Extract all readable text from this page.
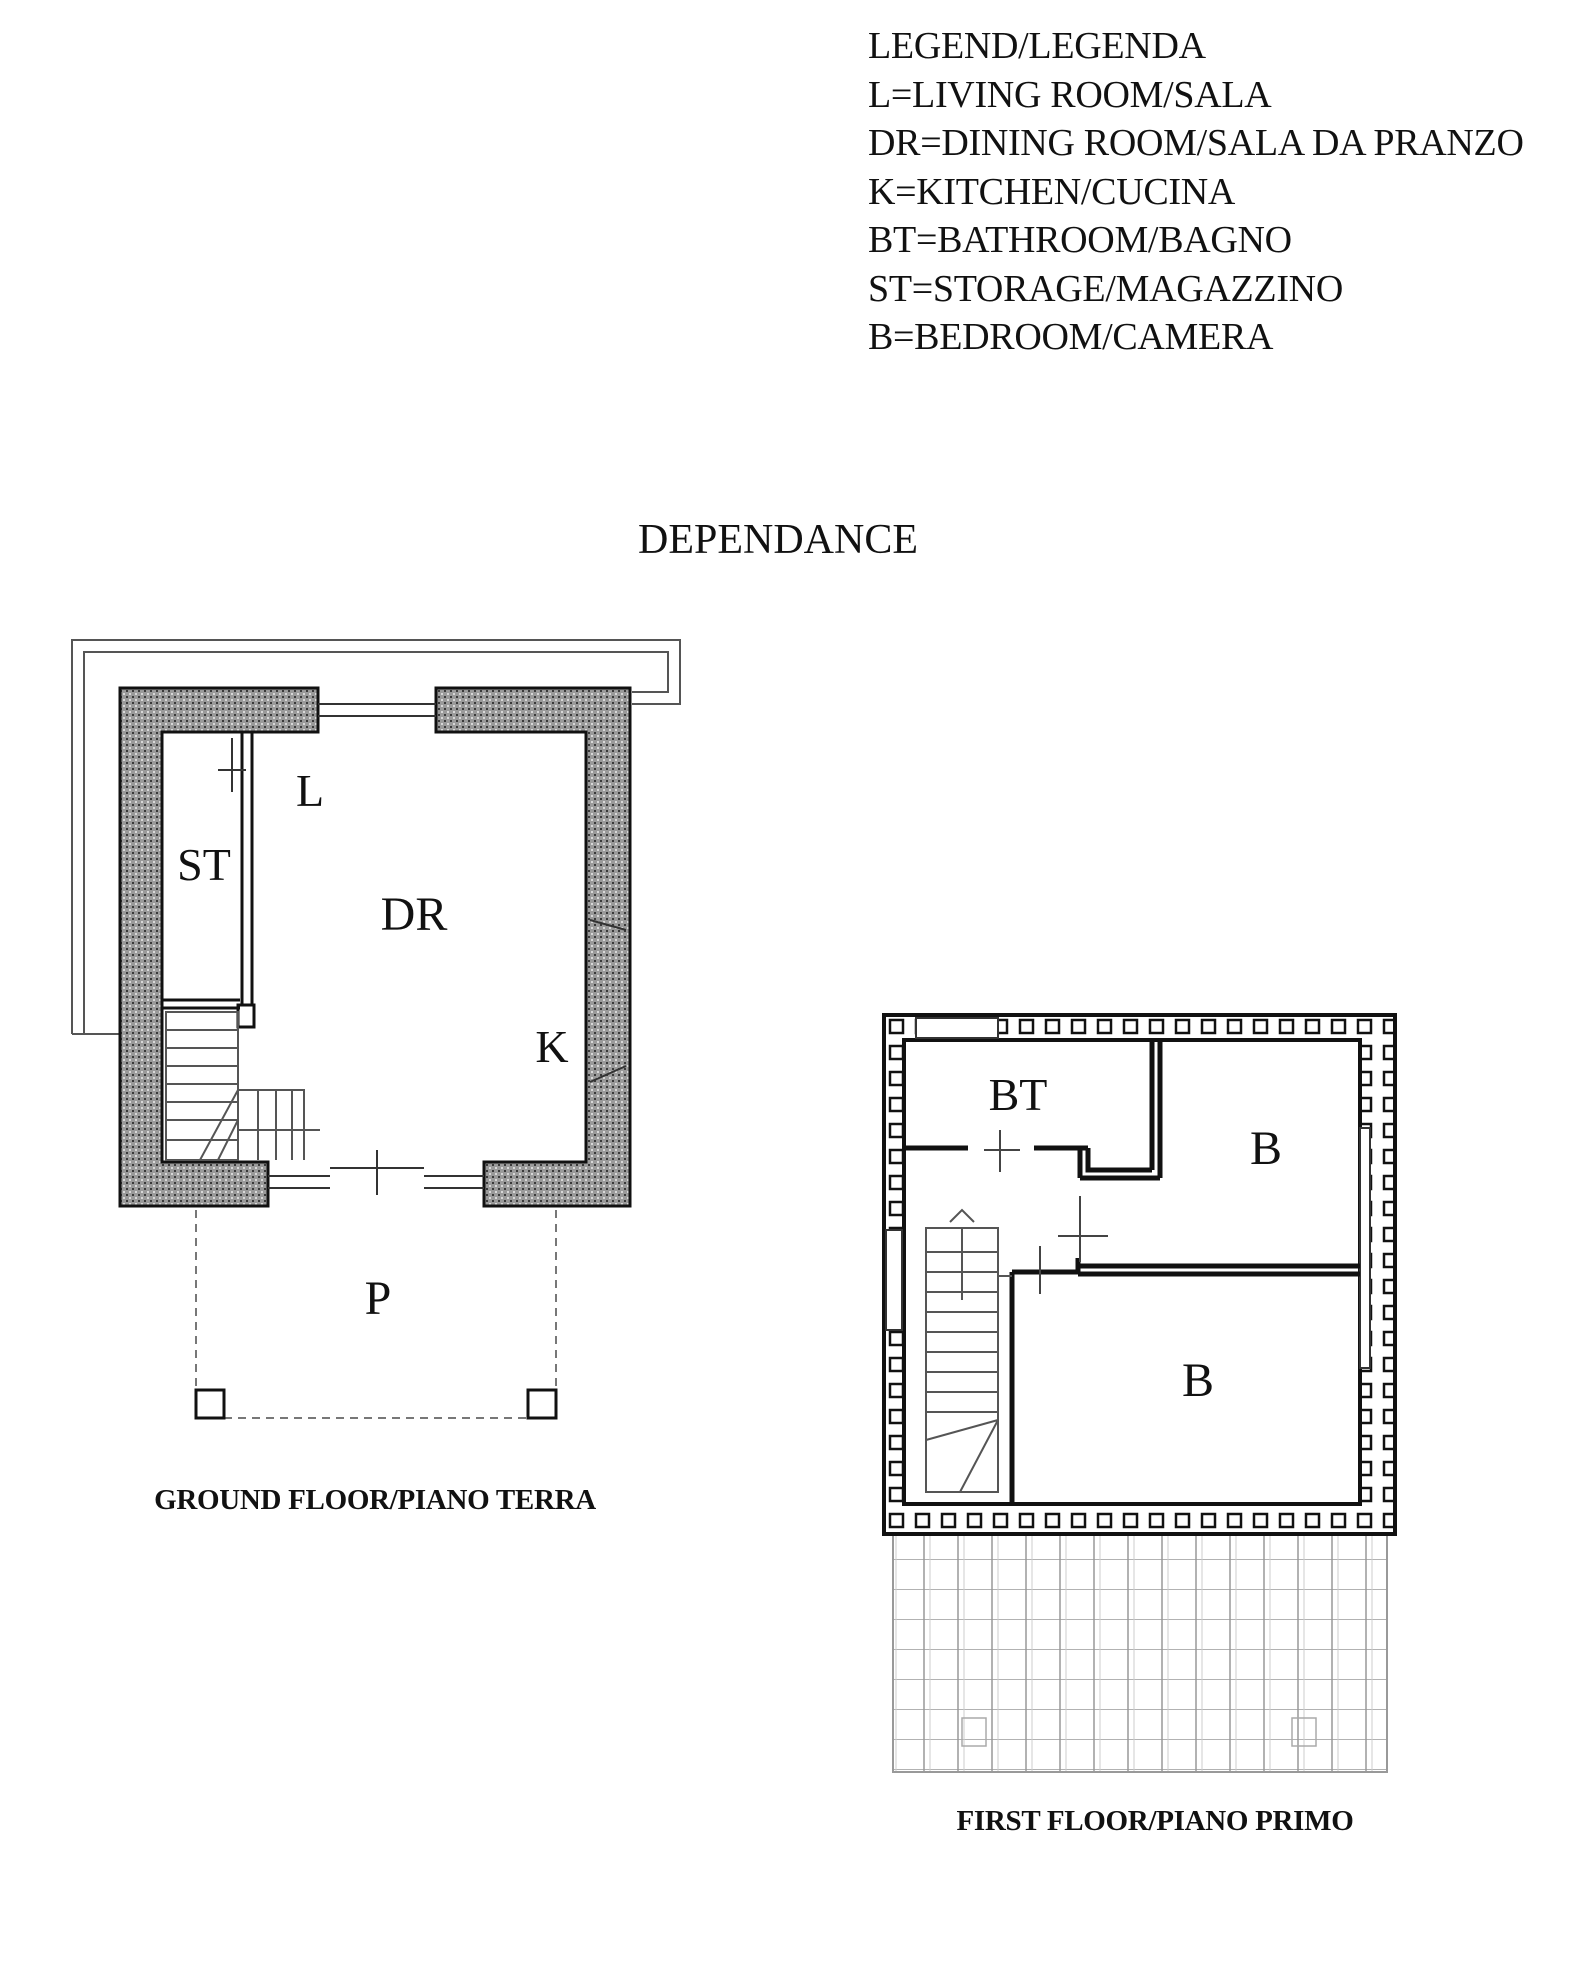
LEGEND/LEGENDA
L=LIVING ROOM/SALA
DR=DINING ROOM/SALA DA PRANZO
K=KITCHEN/CUCINA
BT=BATHROOM/BAGNO
ST=STORAGE/MAGAZZINO
B=BEDROOM/CAMERA
DEPENDANCE
L
ST
DR
K
P
GROUND FLOOR/PIANO TERRA
BT
B
B
FIRST FLOOR/PIANO PRIMO
